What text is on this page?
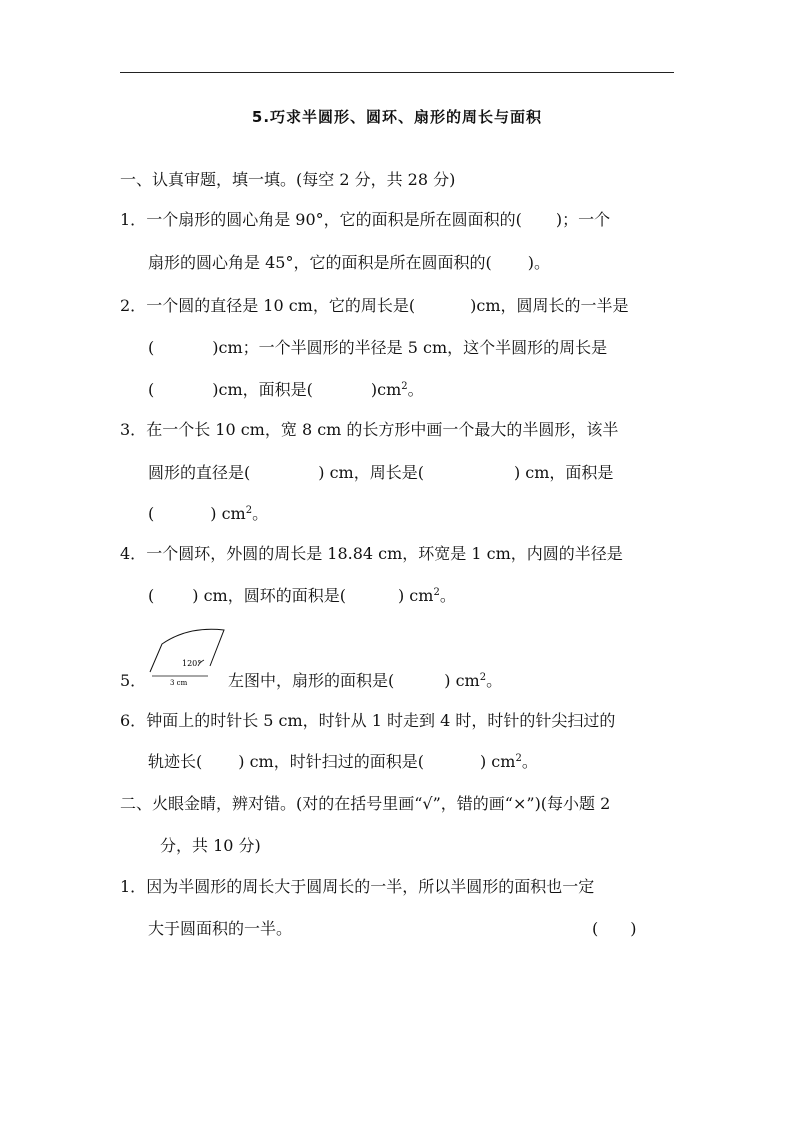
5.巧求半圆形、圆环、扇形的周长与面积
一、认真审题，填一填。(每空 2 分，共 28 分)
1．一个扇形的圆心角是 90°，它的面积是所在圆面积的( )；一个
扇形的圆心角是 45°，它的面积是所在圆面积的( )。
2．一个圆的直径是 10 cm，它的周长是(	)cm，圆周长的一半是
(	)cm；一个半圆形的半径是 5 cm，这个半圆形的周长是
(	)cm，面积是(	)$cm^2$。
3．在一个长 10 cm，宽 8 cm 的长方形中画一个最大的半圆形，该半
圆形的直径是(	) cm，周长是(	) cm，面积是
(	) $cm^2$。
4．一个圆环，外圆的周长是 18.84 cm，环宽是 1 cm，内圆的半径是
( ) cm，圆环的面积是(	) $cm^2$。
120°
3 cm
5．	左图中，扇形的面积是(	) $cm^2$。
6．钟面上的时针长 5 cm，时针从 1 时走到 4 时，时针的针尖扫过的
轨迹长( ) cm，时针扫过的面积是(	) $cm^2$。
二、火眼金睛，辨对错。(对的在括号里画“√”，错的画“×”)(每小题 2
分，共 10 分)
1．因为半圆形的周长大于圆周长的一半，所以半圆形的面积也一定
大于圆面积的一半。	(　　)
